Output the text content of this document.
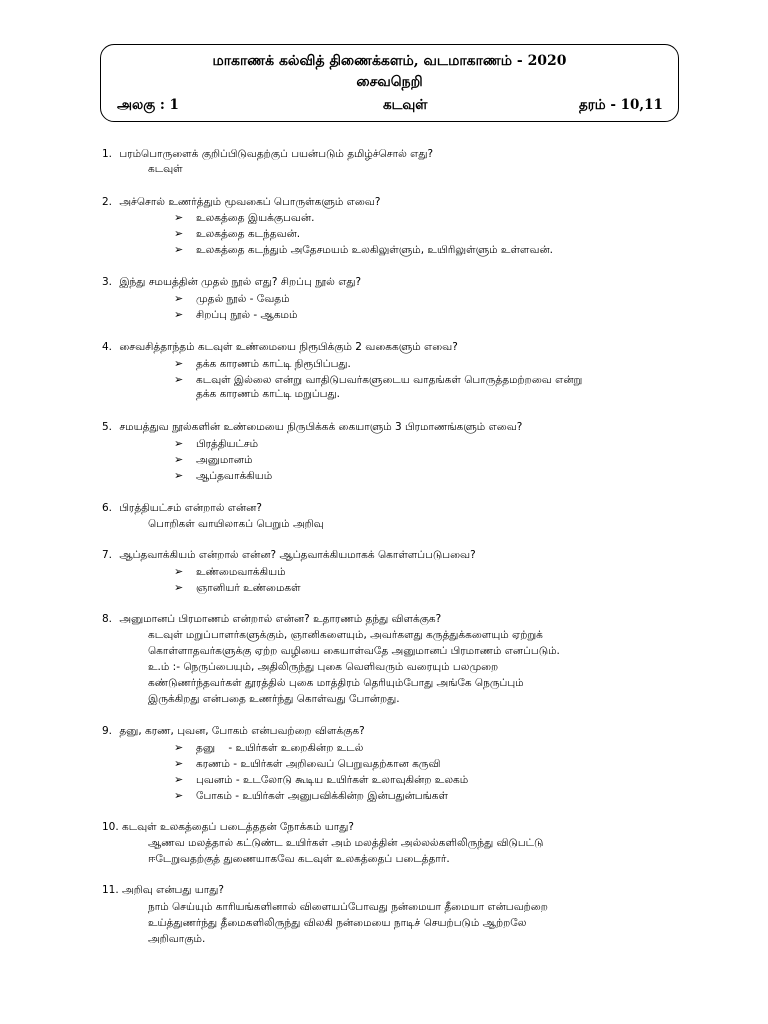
மாகாணக் கல்வித் திணைக்களம், வடமாகாணம் - 2020
சைவநெறி
அலகு : 1	கடவுள்	தரம் - 10,11
1. பரம்பொருளைக் குறிப்பிடுவதற்குப் பயன்படும் தமிழ்ச்சொல் எது?
கடவுள்
2. அச்சொல் உணர்த்தும் மூவகைப் பொருள்களும் எவை?
➢ உலகத்தை இயக்குபவன்.
➢ உலகத்தை கடந்தவன்.
➢ உலகத்தை கடந்தும் அதேசமயம் உலகிலுள்ளும், உயிரிலுள்ளும் உள்ளவன்.
3. இந்து சமயத்தின் முதல் நூல் எது? சிறப்பு நூல் எது?
➢ முதல் நூல் - வேதம்
➢ சிறப்பு நூல் - ஆகமம்
4. சைவசித்தாந்தம் கடவுள் உண்மையை நிரூபிக்கும் 2 வகைகளும் எவை?
➢ தக்க காரணம் காட்டி நிரூபிப்பது.
➢ கடவுள் இல்லை என்று வாதிடுபவர்களுடைய வாதங்கள் பொருத்தமற்றவை என்று
தக்க காரணம் காட்டி மறுப்பது.
5. சமயத்துவ நூல்களின் உண்மையை நிருபிக்கக் கையாளும் 3 பிரமாணங்களும் எவை?
➢ பிரத்தியட்சம்
➢ அனுமானம்
➢ ஆப்தவாக்கியம்
6. பிரத்தியட்சம் என்றால் என்ன?
பொறிகள் வாயிலாகப் பெறும் அறிவு
7. ஆப்தவாக்கியம் என்றால் என்ன? ஆப்தவாக்கியமாகக் கொள்ளப்படுபவை?
➢ உண்மைவாக்கியம்
➢ ஞானியர் உண்மைகள்
8. அனுமானப் பிரமாணம் என்றால் என்ன? உதாரணம் தந்து விளக்குக?
கடவுள் மறுப்பாளர்களுக்கும், ஞானிகளையும், அவர்களது கருத்துக்களையும் ஏற்றுக்
கொள்ளாதவர்களுக்கு ஏற்ற வழியை கையாள்வதே அனுமானப் பிரமாணம் எனப்படும்.
உ.ம் :- நெருப்பையும், அதிலிருந்து புகை வெளிவரும் வரையும் பலமுறை
கண்டுணர்ந்தவர்கள் தூரத்தில் புகை மாத்திரம் தெரியும்போது அங்கே நெருப்பும்
இருக்கிறது என்பதை உணர்ந்து கொள்வது போன்றது.
9. தனு, கரண, புவன, போகம் என்பவற்றை விளக்குக?
➢ தனு    - உயிர்கள் உறைகின்ற உடல்
➢ கரணம் - உயிர்கள் அறிவைப் பெறுவதற்கான கருவி
➢ புவனம் - உடலோடு கூடிய உயிர்கள் உலாவுகின்ற உலகம்
➢ போகம் - உயிர்கள் அனுபவிக்கின்ற இன்பதுன்பங்கள்
10. கடவுள் உலகத்தைப் படைத்ததன் நோக்கம் யாது?
ஆணவ மலத்தால் கட்டுண்ட உயிர்கள் அம் மலத்தின் அல்லல்களிலிருந்து விடுபட்டு
ஈடேறுவதற்குத் துணையாகவே கடவுள் உலகத்தைப் படைத்தார்.
11. அறிவு என்பது யாது?
நாம் செய்யும் காரியங்களினால் விளையப்போவது நன்மையா தீமையா என்பவற்றை
உய்த்துணர்ந்து தீமைகளிலிருந்து விலகி நன்மையை நாடிச் செயற்படும் ஆற்றலே
அறிவாகும்.
